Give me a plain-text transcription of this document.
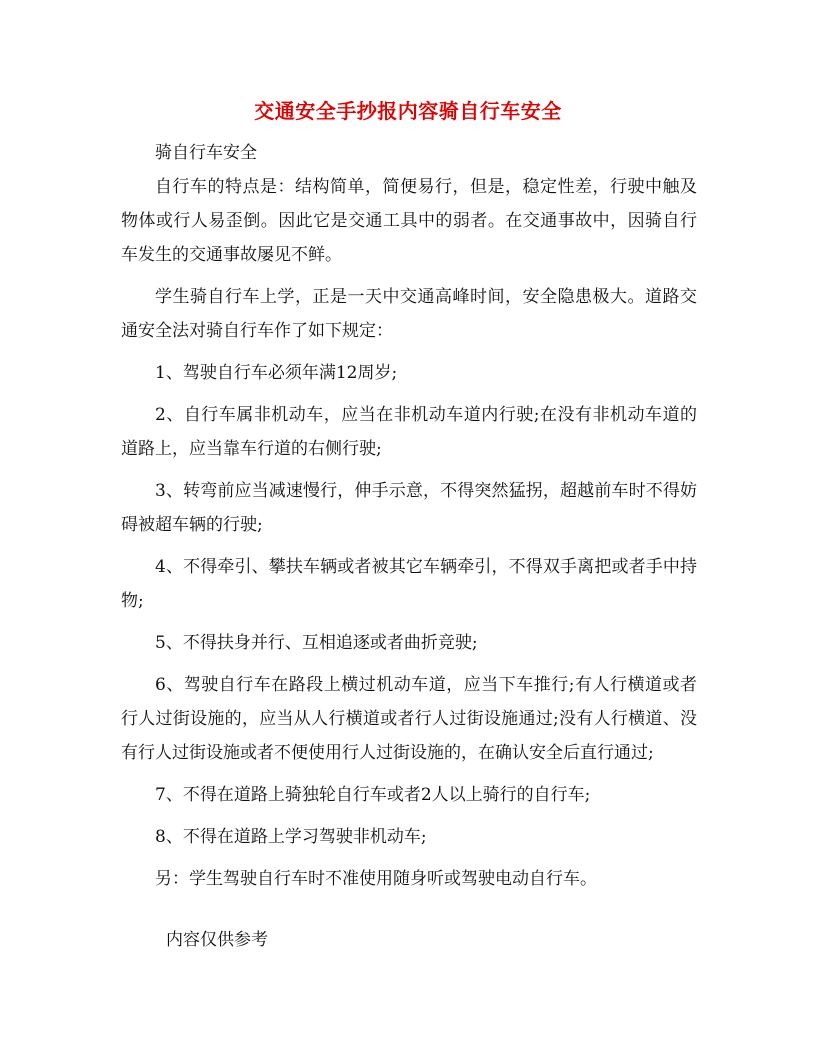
交通安全手抄报内容骑自行车安全

骑自行车安全

自行车的特点是：结构简单，简便易行，但是，稳定性差，行驶中触及物体或行人易歪倒。因此它是交通工具中的弱者。在交通事故中，因骑自行车发生的交通事故屡见不鲜。

学生骑自行车上学，正是一天中交通高峰时间，安全隐患极大。道路交通安全法对骑自行车作了如下规定：

1、驾驶自行车必须年满12周岁;

2、自行车属非机动车，应当在非机动车道内行驶;在没有非机动车道的道路上，应当靠车行道的右侧行驶;

3、转弯前应当减速慢行，伸手示意，不得突然猛拐，超越前车时不得妨碍被超车辆的行驶;

4、不得牵引、攀扶车辆或者被其它车辆牵引，不得双手离把或者手中持物;

5、不得扶身并行、互相追逐或者曲折竞驶;

6、驾驶自行车在路段上横过机动车道，应当下车推行;有人行横道或者行人过街设施的，应当从人行横道或者行人过街设施通过;没有人行横道、没有行人过街设施或者不便使用行人过街设施的，在确认安全后直行通过;

7、不得在道路上骑独轮自行车或者2人以上骑行的自行车;

8、不得在道路上学习驾驶非机动车;

另：学生驾驶自行车时不准使用随身听或驾驶电动自行车。

内容仅供参考
